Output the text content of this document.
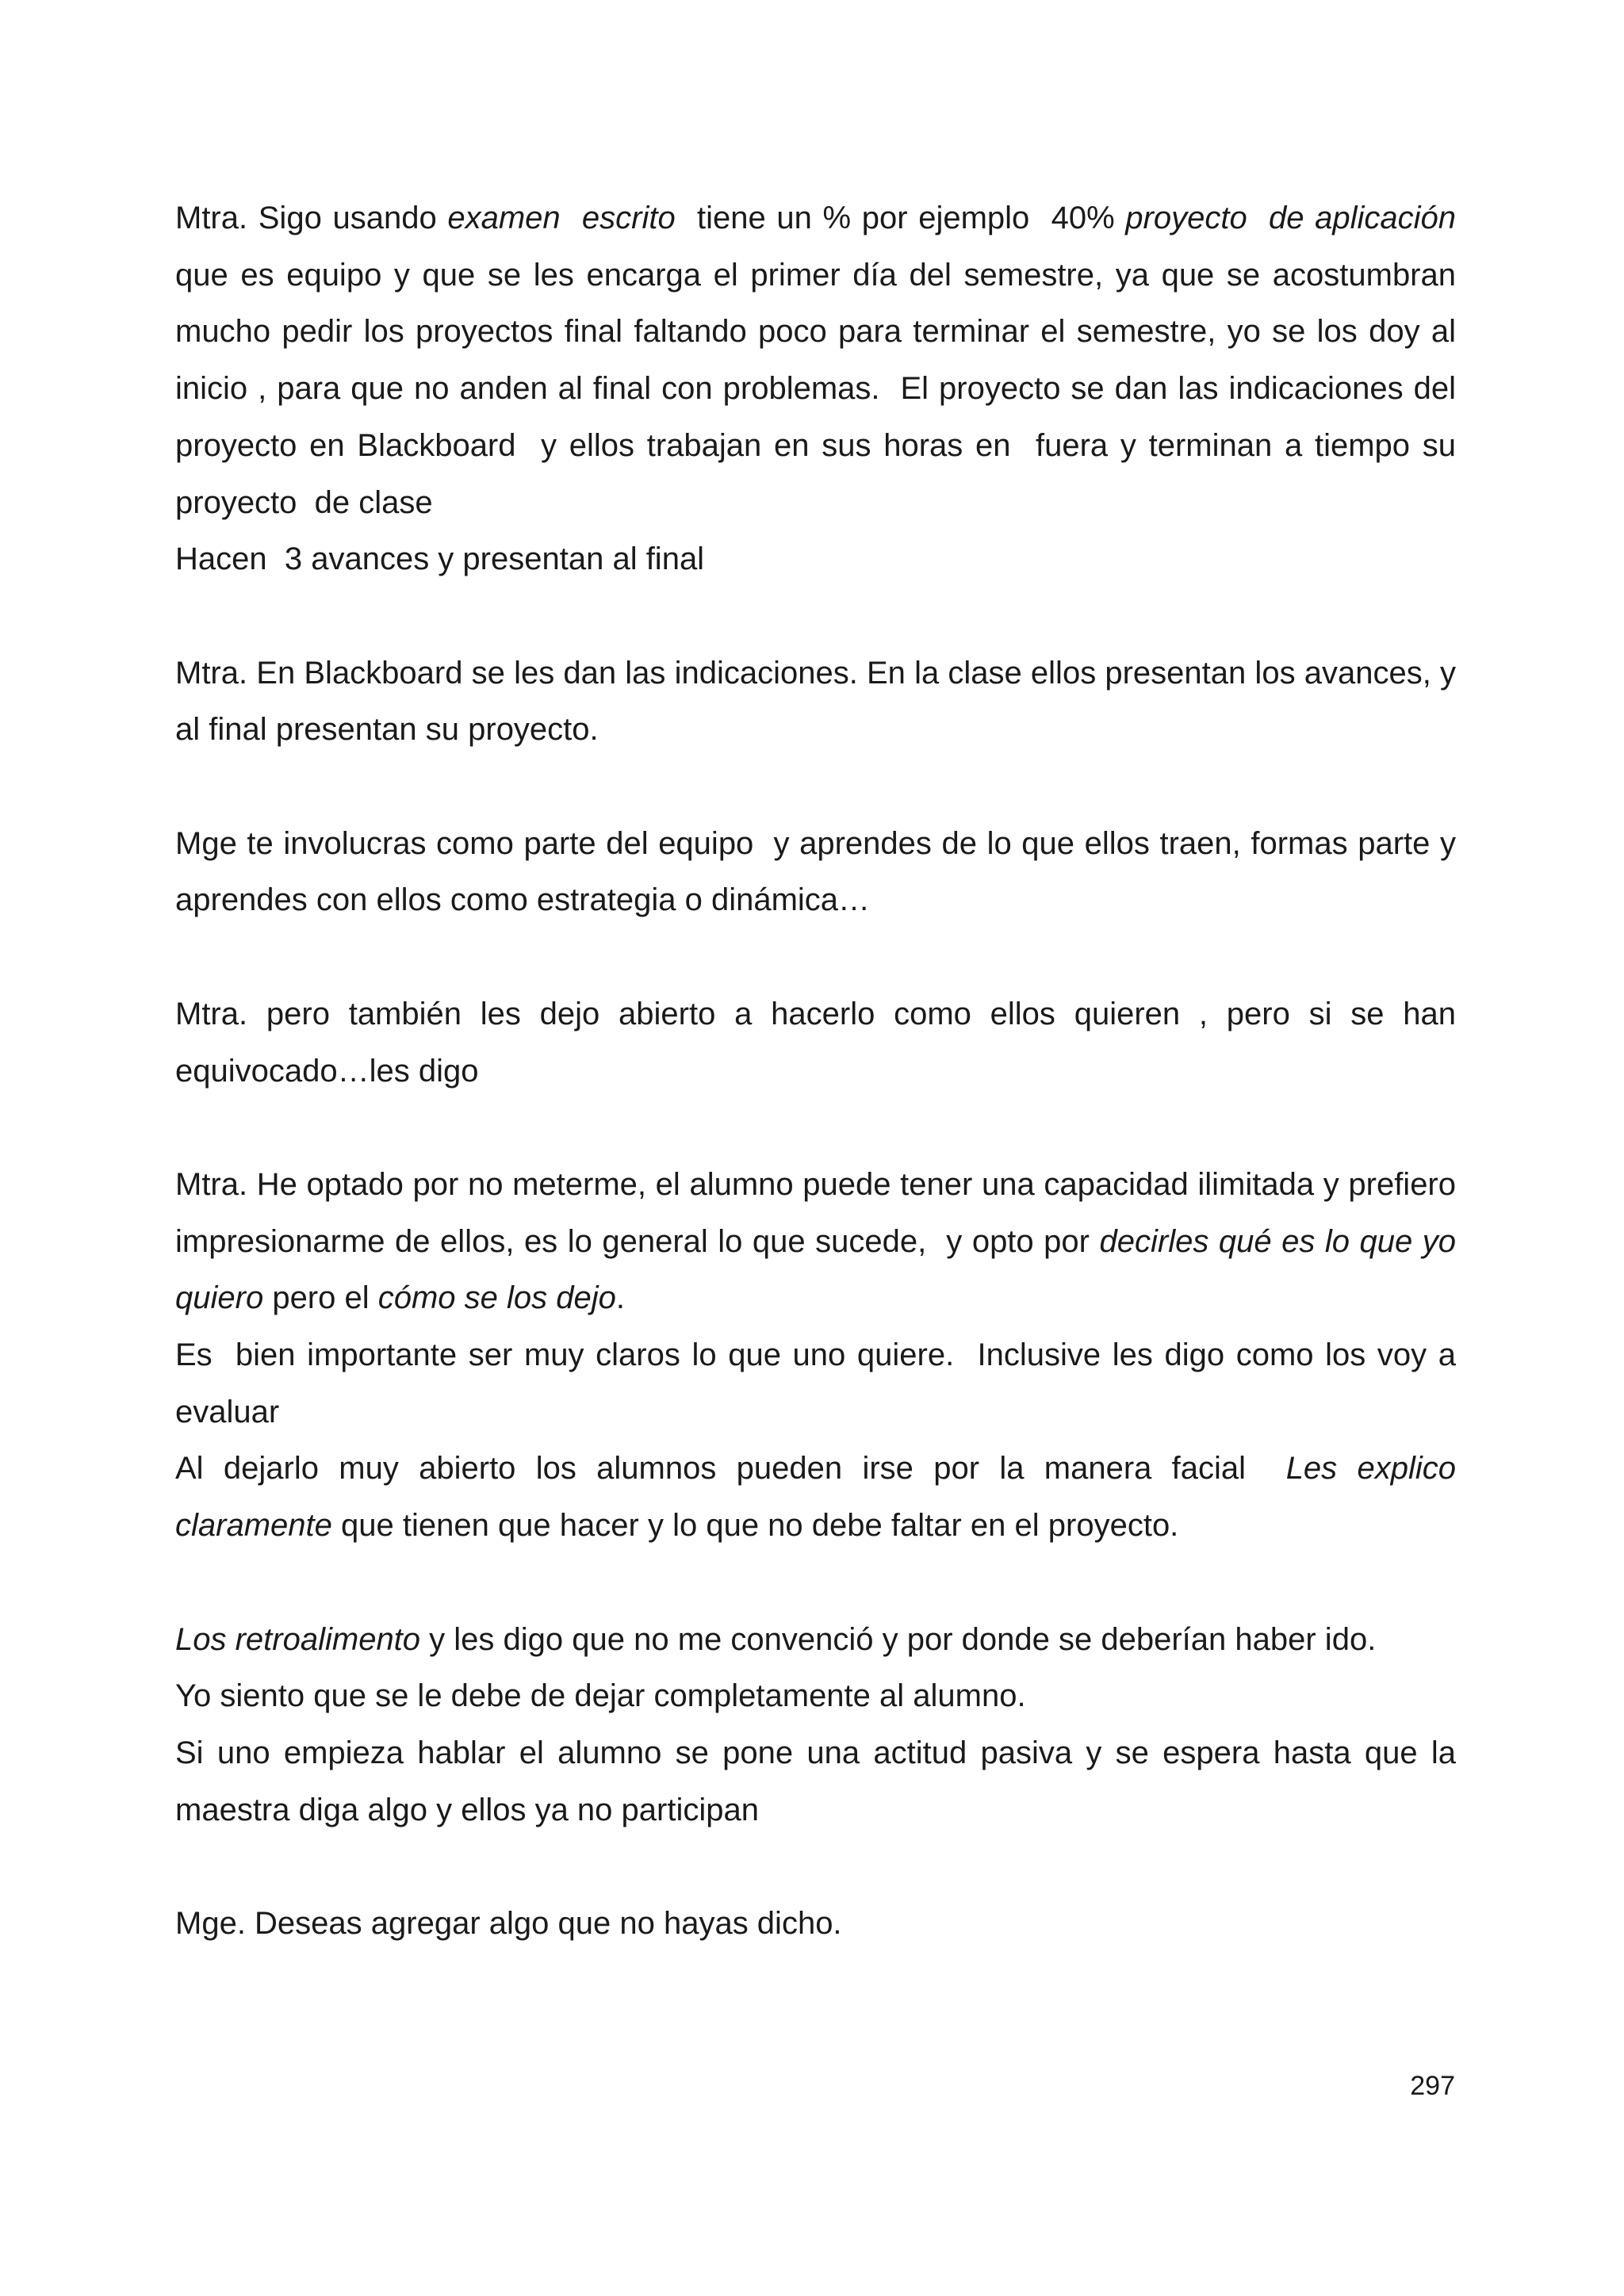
Mtra. Sigo usando examen  escrito  tiene un % por ejemplo  40% proyecto  de aplicación que es equipo y que se les encarga el primer día del semestre, ya que se acostumbran mucho pedir los proyectos final faltando poco para terminar el semestre, yo se los doy al inicio , para que no anden al final con problemas.  El proyecto se dan las indicaciones del proyecto en Blackboard  y ellos trabajan en sus horas en  fuera y terminan a tiempo su proyecto  de clase

Hacen  3 avances y presentan al final

Mtra. En Blackboard se les dan las indicaciones. En la clase ellos presentan los avances, y al final presentan su proyecto.

Mge te involucras como parte del equipo  y aprendes de lo que ellos traen, formas parte y aprendes con ellos como estrategia o dinámica…

Mtra. pero también les dejo abierto a hacerlo como ellos quieren , pero si se han equivocado…les digo

Mtra. He optado por no meterme, el alumno puede tener una capacidad ilimitada y prefiero impresionarme de ellos, es lo general lo que sucede,  y opto por decirles qué es lo que yo  quiero pero el cómo se los dejo.

Es  bien importante ser muy claros lo que uno quiere.  Inclusive les digo como los voy a evaluar

Al dejarlo muy abierto los alumnos pueden irse por la manera facial  Les explico claramente que tienen que hacer y lo que no debe faltar en el proyecto.

Los retroalimento y les digo que no me convenció y por donde se deberían haber ido.

Yo siento que se le debe de dejar completamente al alumno.

Si uno empieza hablar el alumno se pone una actitud pasiva y se espera hasta que la maestra diga algo y ellos ya no participan

Mge. Deseas agregar algo que no hayas dicho.

297
